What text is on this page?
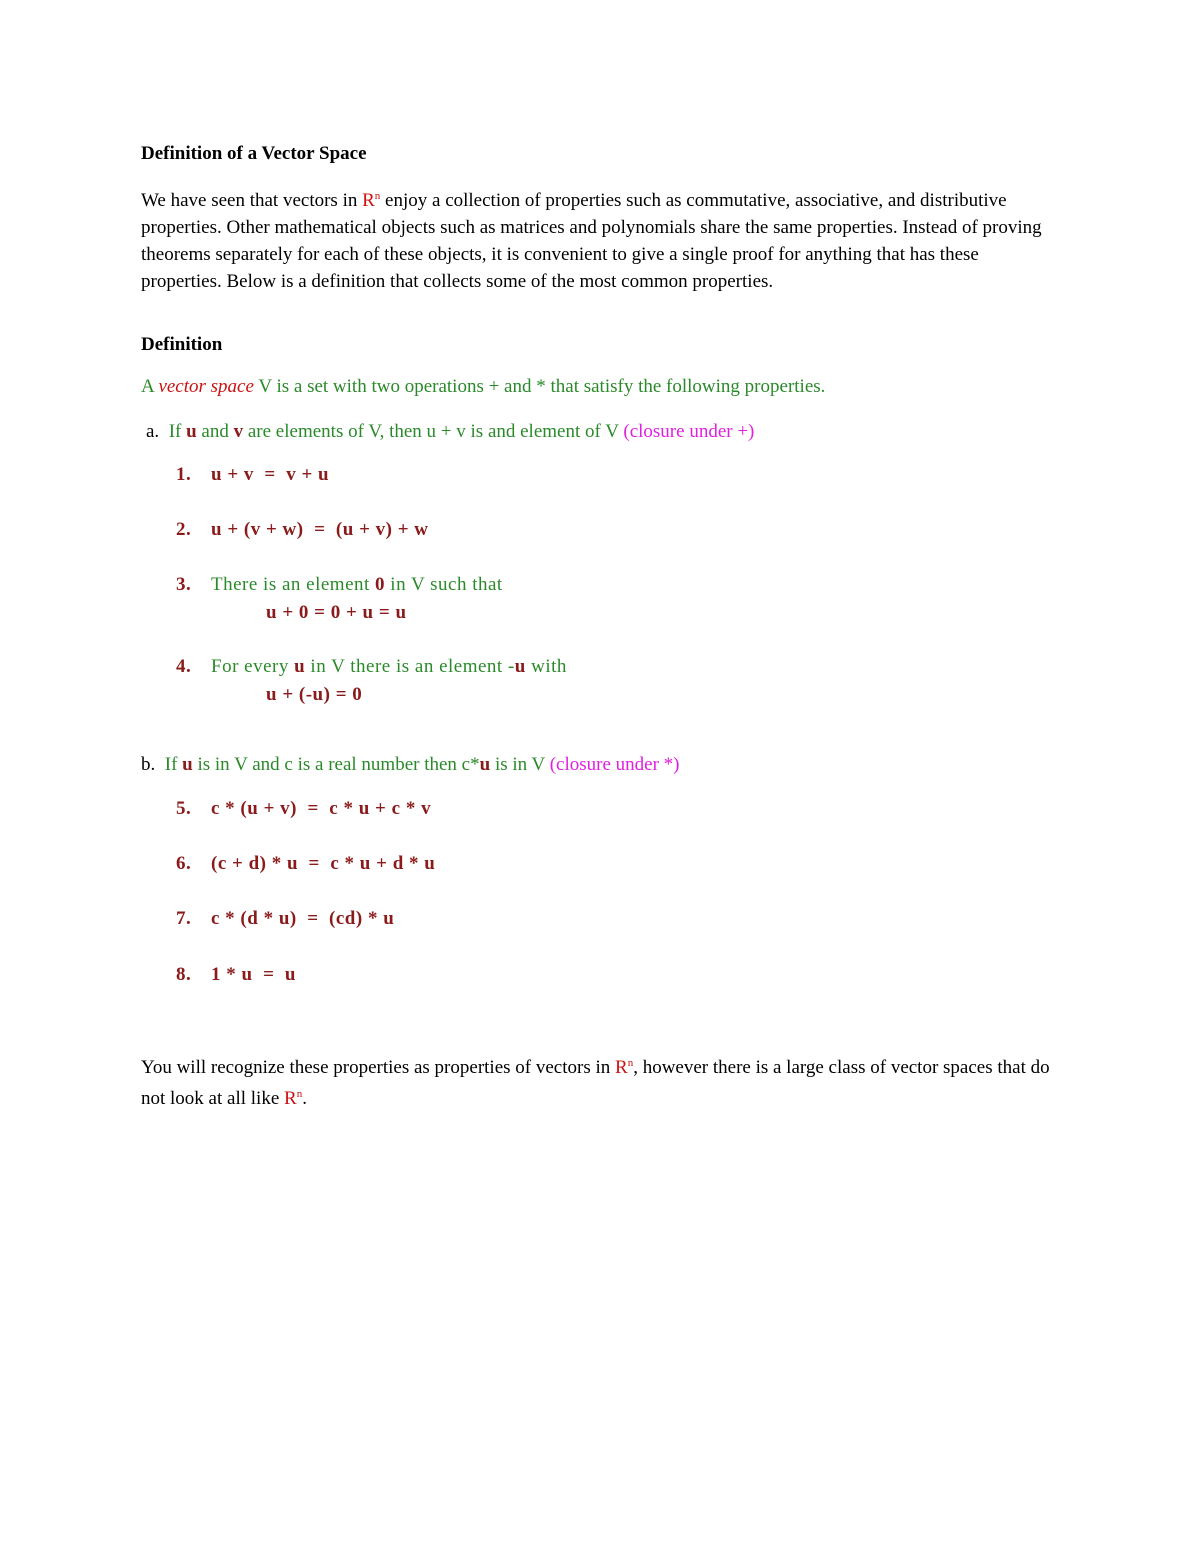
Definition of a Vector Space
We have seen that vectors in $R^n$ enjoy a collection of properties such as commutative, associative, and distributive properties. Other mathematical objects such as matrices and polynomials share the same properties. Instead of proving theorems separately for each of these objects, it is convenient to give a single proof for anything that has these properties. Below is a definition that collects some of the most common properties.
Definition
A vector space V is a set with two operations + and * that satisfy the following properties.
a. If u and v are elements of V, then u + v is and element of V (closure under +)
1. u + v  =  v + u
2. u + (v + w)  =  (u + v) + w
3. There is an element 0 in V such that
u + 0 = 0 + u = u
4. For every u in V there is an element -u with
u + (-u) = 0
b. If u is in V and c is a real number then c*u is in V (closure under *)
5. c * (u + v)  =  c * u + c * v
6. (c + d) * u  =  c * u + d * u
7. c * (d * u)  =  (cd) * u
8. 1 * u  =  u
You will recognize these properties as properties of vectors in $R^n$, however there is a large class of vector spaces that do not look at all like $R^n$.
